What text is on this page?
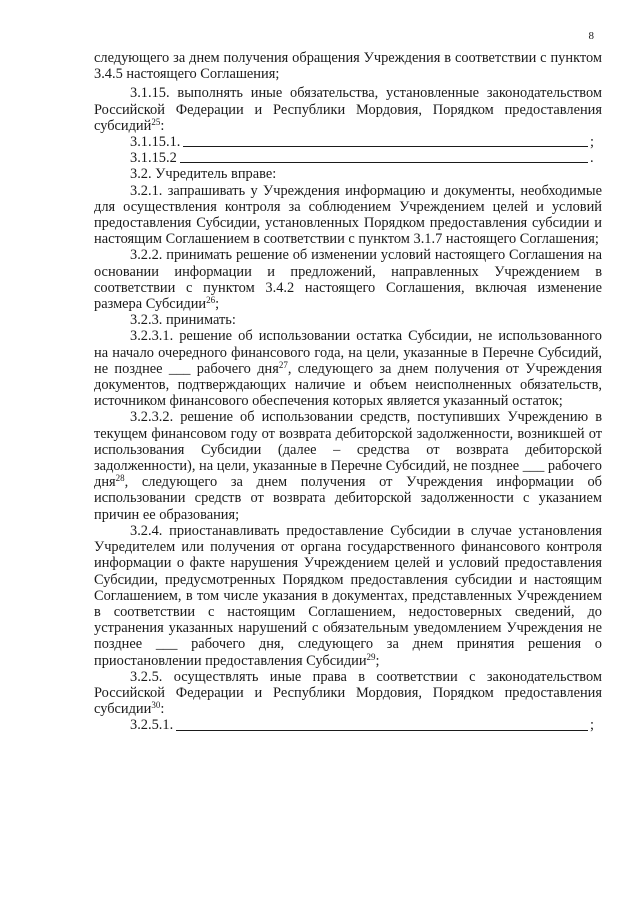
8

следующего за днем получения обращения Учреждения в соответствии с пунктом 3.4.5 настоящего Соглашения;

3.1.15. выполнять иные обязательства, установленные законодательством Российской Федерации и Республики Мордовия, Порядком предоставления субсидий$^{25}$:

3.1.15.1.	;
3.1.15.2	.

3.2. Учредитель вправе:

3.2.1. запрашивать у Учреждения информацию и документы, необходимые для осуществления контроля за соблюдением Учреждением целей и условий предоставления Субсидии, установленных Порядком предоставления субсидии и настоящим Соглашением в соответствии с пунктом 3.1.7 настоящего Соглашения;

3.2.2. принимать решение об изменении условий настоящего Соглашения на основании информации и предложений, направленных Учреждением в соответствии с пунктом 3.4.2 настоящего Соглашения, включая изменение размера Субсидии$^{26}$;

3.2.3. принимать:

3.2.3.1. решение об использовании остатка Субсидии, не использованного на начало очередного финансового года, на цели, указанные в Перечне Субсидий, не позднее ___ рабочего дня$^{27}$, следующего за днем получения от Учреждения документов, подтверждающих наличие и объем неисполненных обязательств, источником финансового обеспечения которых является указанный остаток;

3.2.3.2. решение об использовании средств, поступивших Учреждению в текущем финансовом году от возврата дебиторской задолженности, возникшей от использования Субсидии (далее – средства от возврата дебиторской задолженности), на цели, указанные в Перечне Субсидий, не позднее ___ рабочего дня$^{28}$, следующего за днем получения от Учреждения информации об использовании средств от возврата дебиторской задолженности с указанием причин ее образования;

3.2.4. приостанавливать предоставление Субсидии в случае установления Учредителем или получения от органа государственного финансового контроля информации о факте нарушения Учреждением целей и условий предоставления Субсидии, предусмотренных Порядком предоставления субсидии и настоящим Соглашением, в том числе указания в документах, представленных Учреждением в соответствии с настоящим Соглашением, недостоверных сведений, до устранения указанных нарушений с обязательным уведомлением Учреждения не позднее ___ рабочего дня, следующего за днем принятия решения о приостановлении предоставления Субсидии$^{29}$;

3.2.5. осуществлять иные права в соответствии с законодательством Российской Федерации и Республики Мордовия, Порядком предоставления субсидии$^{30}$:

3.2.5.1.	;
